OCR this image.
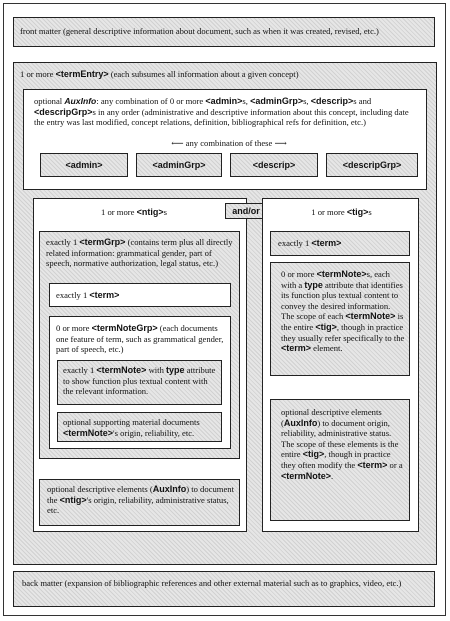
front matter (general descriptive information about document, such as when it was created, revised, etc.)
1 or more <termEntry> (each subsumes all information about a given concept)
optional AuxInfo: any combination of 0 or more <admin>s, <adminGrp>s, <descrip>s and <descripGrp>s in any order (administrative and descriptive information about this concept, including date the entry was last modified, concept relations, definition, bibliographical refs for definition, etc.)
⟵ any combination of these ⟶
<admin>	<adminGrp>	<descrip>	<descripGrp>
1 or more <ntig>s
exactly 1 <termGrp> (contains term plus all directly related information: grammatical gender, part of speech, normative authorization, legal status, etc.)
exactly 1 <term>
0 or more <termNoteGrp> (each documents one feature of term, such as grammatical gender, part of speech, etc.)
exactly 1 <termNote> with type attribute to show function plus textual content with the relevant information.
optional supporting material documents <termNote>'s origin, reliability, etc.
optional descriptive elements (AuxInfo) to document the <ntig>'s origin, reliability, administrative status, etc.
and/or	1 or more <tig>s
exactly 1 <term>
0 or more <termNote>s, each with a type attribute that identifies its function plus textual content to convey the desired information. The scope of each <termNote> is the entire <tig>, though in practice they usually refer specifically to the <term> element.
optional descriptive elements (AuxInfo) to document origin, reliability, administrative status. The scope of these elements is the entire <tig>, though in practice they often modify the <term> or a <termNote>.
back matter (expansion of bibliographic references and other external material such as to graphics, video, etc.)
